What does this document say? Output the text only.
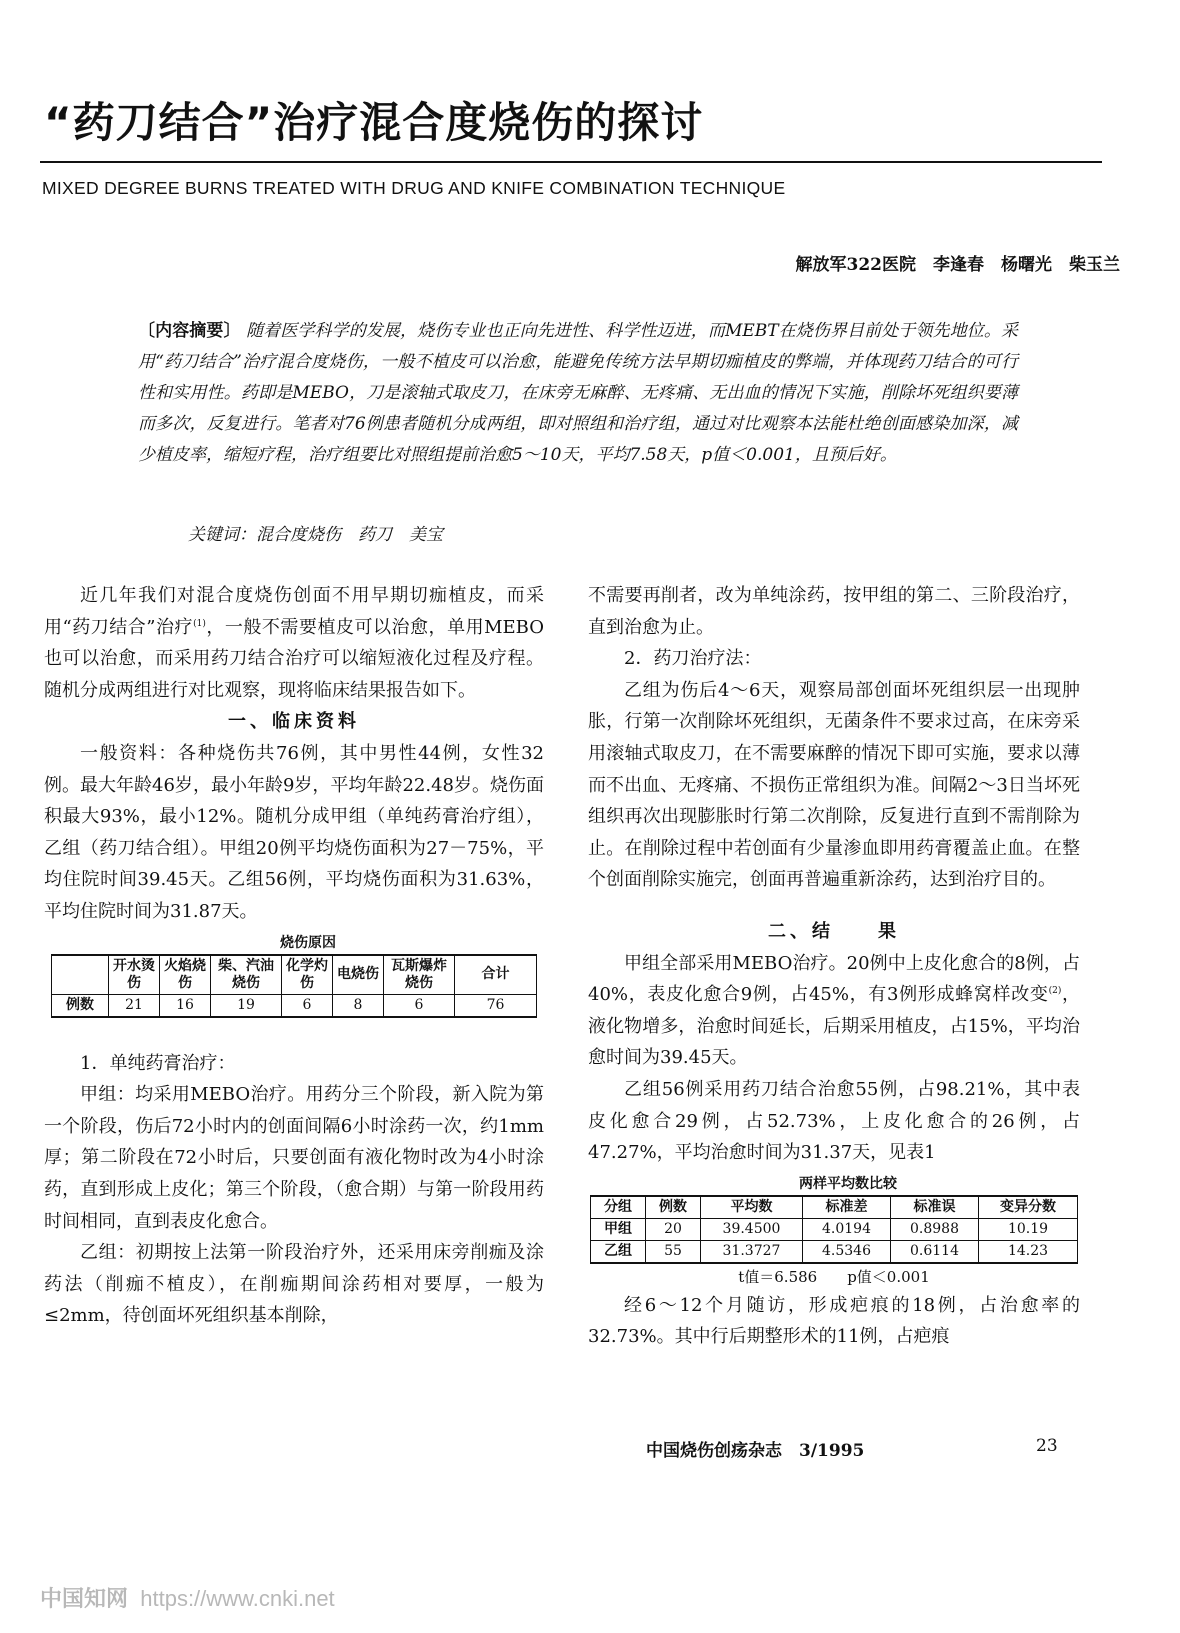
“药刀结合”治疗混合度烧伤的探讨
MIXED DEGREE BURNS TREATED WITH DRUG AND KNIFE COMBINATION TECHNIQUE
解放军322医院　李逢春　杨曙光　柴玉兰
〔内容摘要〕 随着医学科学的发展，烧伤专业也正向先进性、科学性迈进，而MEBT在烧伤界目前处于领先地位。采用“药刀结合”治疗混合度烧伤，一般不植皮可以治愈，能避免传统方法早期切痂植皮的弊端，并体现药刀结合的可行性和实用性。药即是MEBO，刀是滚轴式取皮刀，在床旁无麻醉、无疼痛、无出血的情况下实施，削除坏死组织要薄而多次，反复进行。笔者对76例患者随机分成两组，即对照组和治疗组，通过对比观察本法能杜绝创面感染加深，减少植皮率，缩短疗程，治疗组要比对照组提前治愈5～10天，平均7.58天，p值＜0.001，且预后好。
关键词：混合度烧伤　药刀　美宝

近几年我们对混合度烧伤创面不用早期切痂植皮，而采用“药刀结合”治疗$^{(1)}$，一般不需要植皮可以治愈，单用MEBO也可以治愈，而采用药刀结合治疗可以缩短液化过程及疗程。随机分成两组进行对比观察，现将临床结果报告如下。

一、临床资料

一般资料：各种烧伤共76例，其中男性44例，女性32例。最大年龄46岁，最小年龄9岁，平均年龄22.48岁。烧伤面积最大93%，最小12%。随机分成甲组（单纯药膏治疗组），乙组（药刀结合组）。甲组20例平均烧伤面积为27－75%，平均住院时间39.45天。乙组56例，平均烧伤面积为31.63%，平均住院时间为31.87天。

烧伤原因

	开水烫伤	火焰烧伤	柴、汽油烧伤	化学灼伤	电烧伤	瓦斯爆炸烧伤	合计
例数	21	16	19	6	8	6	76

1．单纯药膏治疗：

甲组：均采用MEBO治疗。用药分三个阶段，新入院为第一个阶段，伤后72小时内的创面间隔6小时涂药一次，约1mm厚；第二阶段在72小时后，只要创面有液化物时改为4小时涂药，直到形成上皮化；第三个阶段，（愈合期）与第一阶段用药时间相同，直到表皮化愈合。

乙组：初期按上法第一阶段治疗外，还采用床旁削痂及涂药法（削痂不植皮），在削痂期间涂药相对要厚，一般为≤2mm，待创面坏死组织基本削除，

不需要再削者，改为单纯涂药，按甲组的第二、三阶段治疗，直到治愈为止。

2．药刀治疗法：

乙组为伤后4～6天，观察局部创面坏死组织层一出现肿胀，行第一次削除坏死组织，无菌条件不要求过高，在床旁采用滚轴式取皮刀，在不需要麻醉的情况下即可实施，要求以薄而不出血、无疼痛、不损伤正常组织为准。间隔2～3日当坏死组织再次出现膨胀时行第二次削除，反复进行直到不需削除为止。在削除过程中若创面有少量渗血即用药膏覆盖止血。在整个创面削除实施完，创面再普遍重新涂药，达到治疗目的。

二、结　　果

甲组全部采用MEBO治疗。20例中上皮化愈合的8例，占40%，表皮化愈合9例，占45%，有3例形成蜂窝样改变$^{(2)}$，液化物增多，治愈时间延长，后期采用植皮，占15%，平均治愈时间为39.45天。

乙组56例采用药刀结合治愈55例，占98.21%，其中表皮化愈合29例，占52.73%，上皮化愈合的26例，占47.27%，平均治愈时间为31.37天，见表1

两样平均数比较

分组	例数	平均数	标准差	标准误	变异分数
甲组	20	39.4500	4.0194	0.8988	10.19
乙组	55	31.3727	4.5346	0.6114	14.23

t值＝6.586　　p值＜0.001

经6～12个月随访，形成疤痕的18例，占治愈率的32.73%。其中行后期整形术的11例，占疤痕

中国烧伤创疡杂志　3/1995	23
中国知网 https://www.cnki.net
